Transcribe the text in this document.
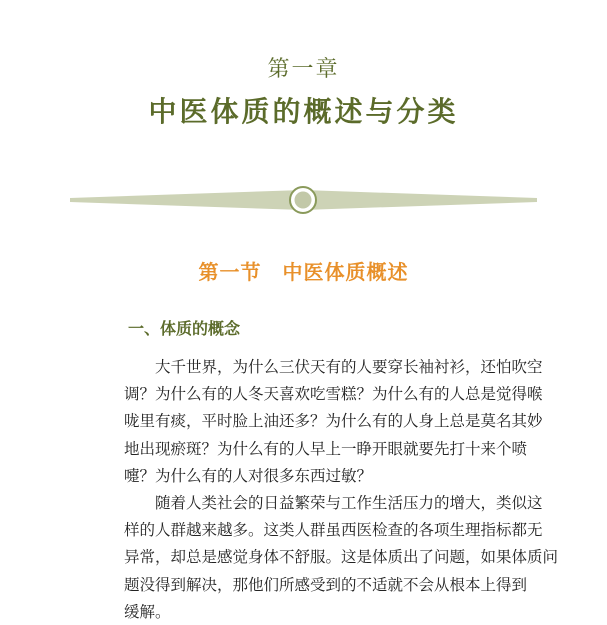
第一章
中医体质的概述与分类
第一节　中医体质概述
一、体质的概念

　　大千世界，为什么三伏天有的人要穿长袖衬衫，还怕吹空
调？为什么有的人冬天喜欢吃雪糕？为什么有的人总是觉得喉
咙里有痰，平时脸上油还多？为什么有的人身上总是莫名其妙
地出现瘀斑？为什么有的人早上一睁开眼就要先打十来个喷
嚏？为什么有的人对很多东西过敏？

　　随着人类社会的日益繁荣与工作生活压力的增大，类似这
样的人群越来越多。这类人群虽西医检查的各项生理指标都无
异常，却总是感觉身体不舒服。这是体质出了问题，如果体质问
题没得到解决，那他们所感受到的不适就不会从根本上得到
缓解。
